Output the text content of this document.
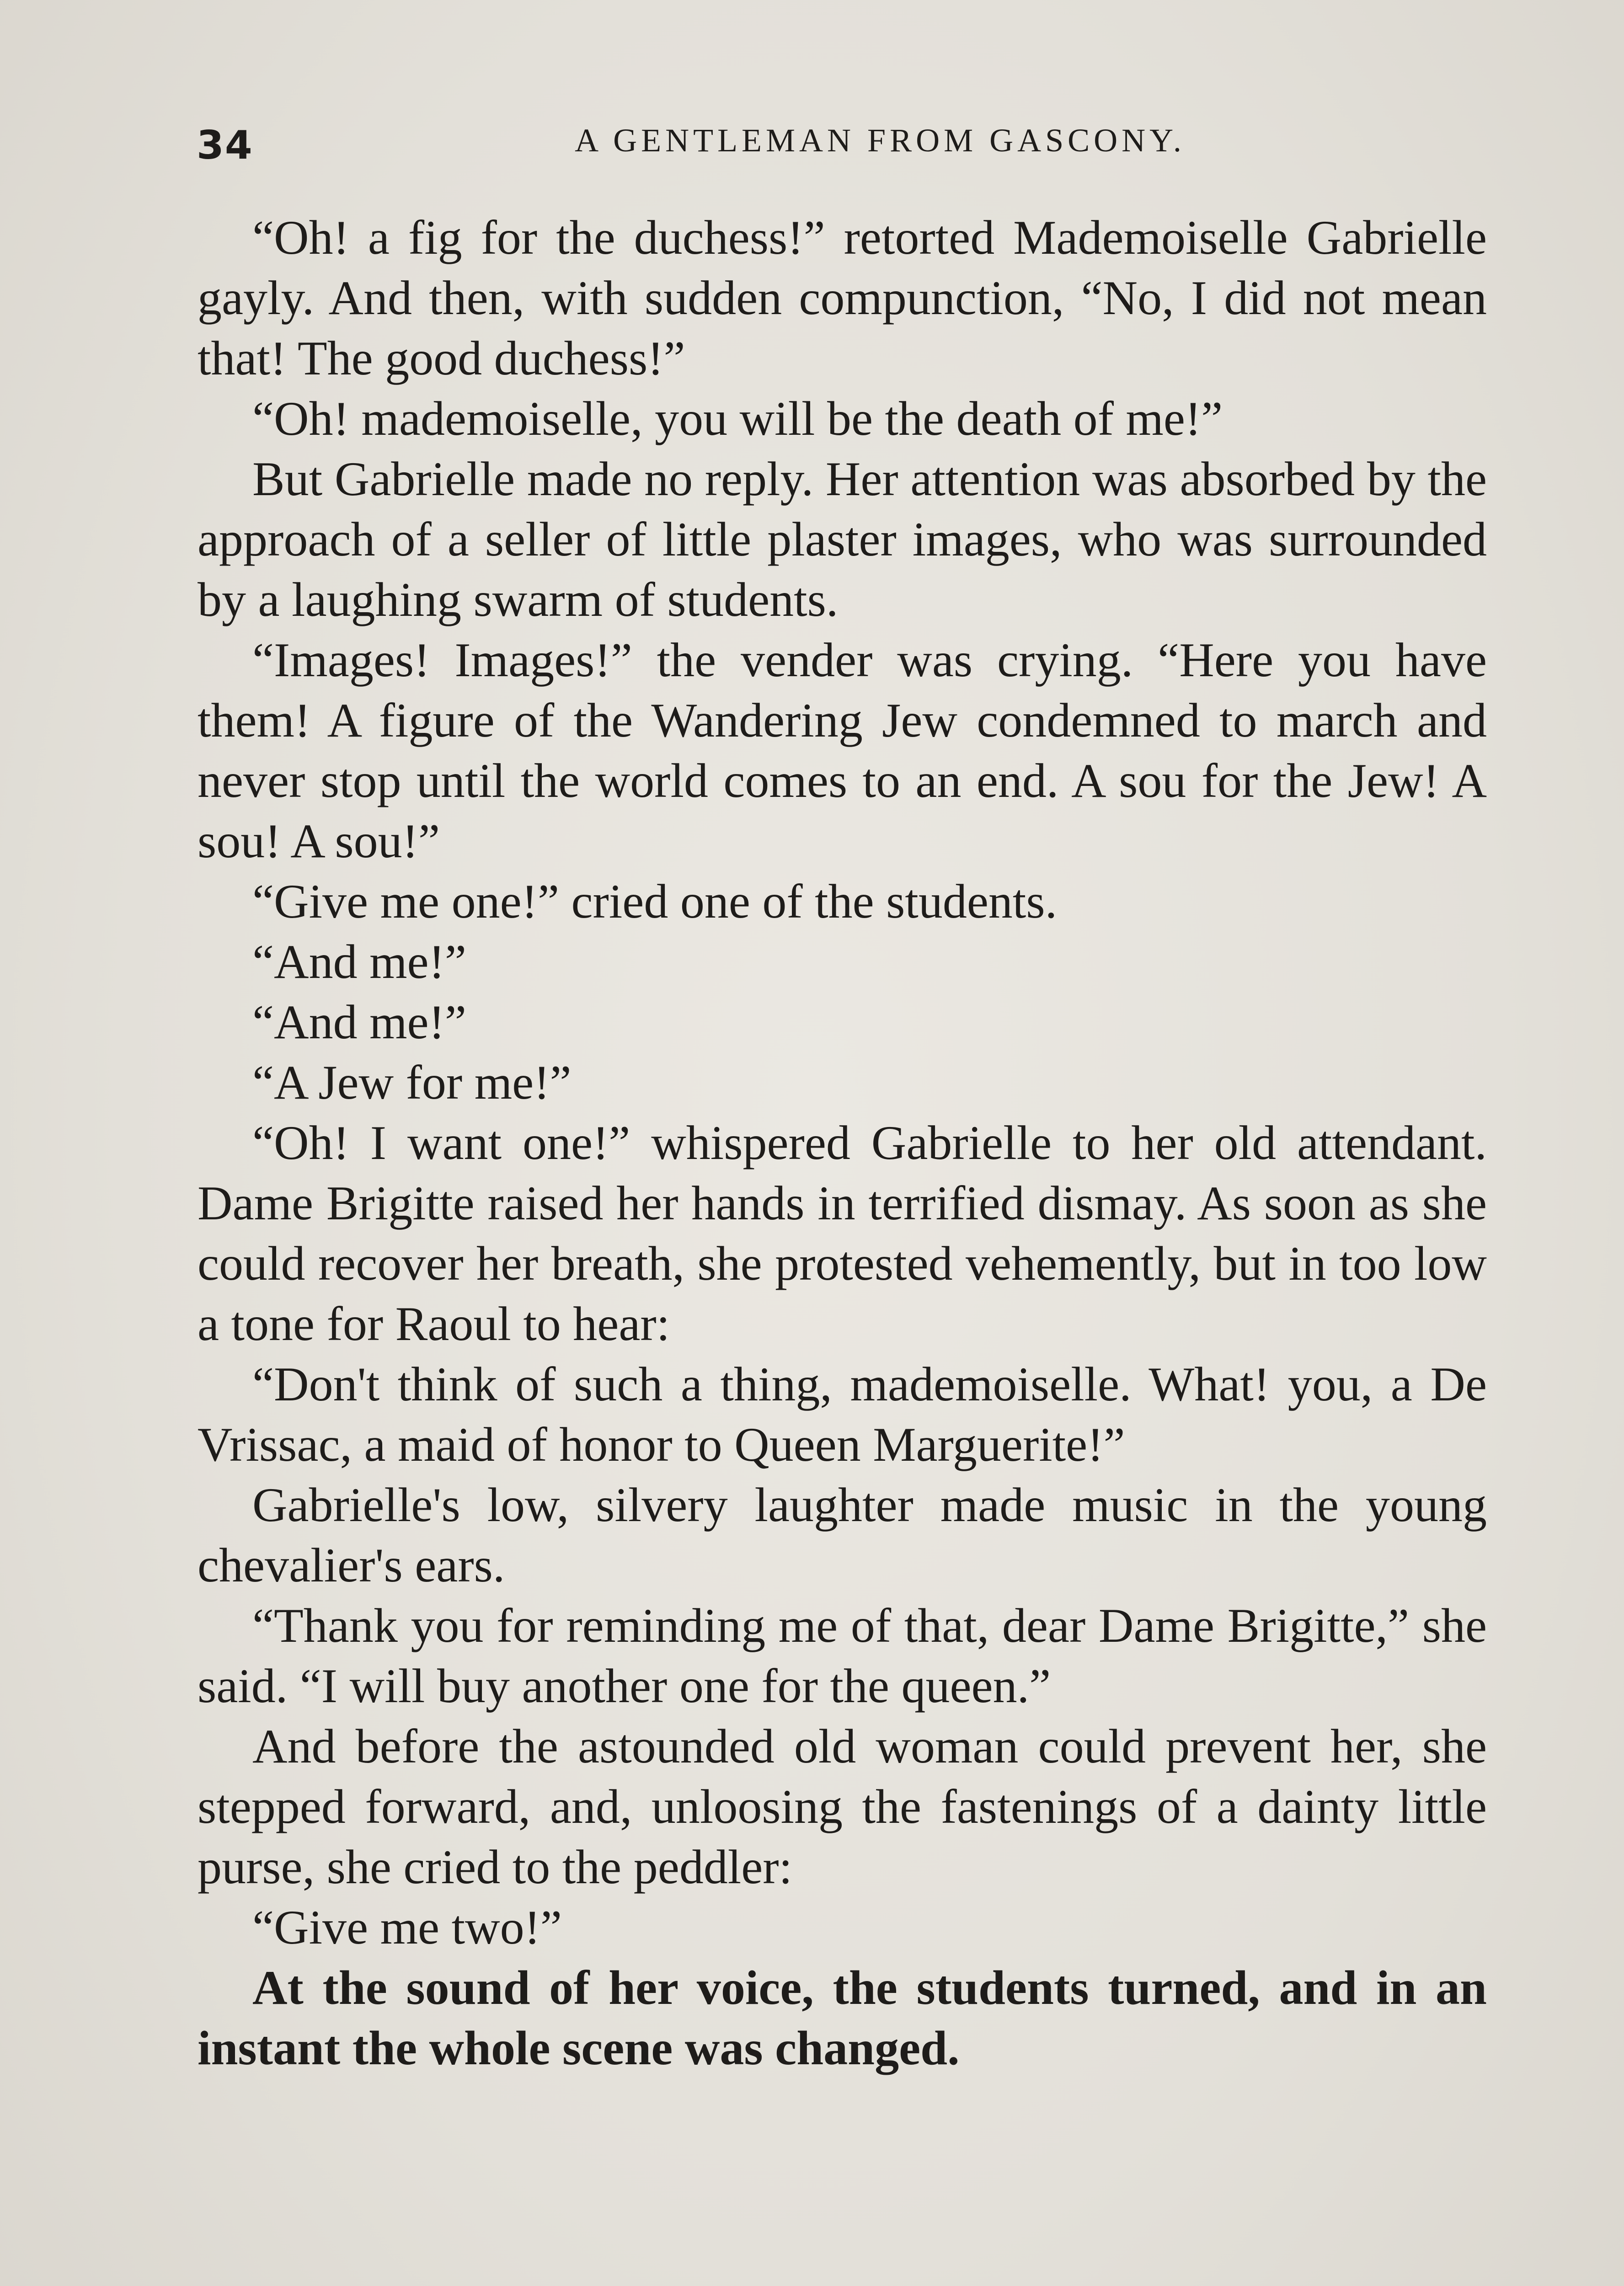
34	A GENTLEMAN FROM GASCONY.

“Oh! a fig for the duchess!” retorted Mademoiselle Gabrielle gayly. And then, with sudden compunction, “No, I did not mean that! The good duchess!”

“Oh! mademoiselle, you will be the death of me!”

But Gabrielle made no reply. Her attention was absorbed by the approach of a seller of little plaster images, who was surrounded by a laughing swarm of students.

“Images! Images!” the vender was crying. “Here you have them! A figure of the Wandering Jew condemned to march and never stop until the world comes to an end. A sou for the Jew! A sou! A sou!”

“Give me one!” cried one of the students.

“And me!”

“And me!”

“A Jew for me!”

“Oh! I want one!” whispered Gabrielle to her old attendant. Dame Brigitte raised her hands in terrified dismay. As soon as she could recover her breath, she protested vehemently, but in too low a tone for Raoul to hear:

“Don't think of such a thing, mademoiselle. What! you, a De Vrissac, a maid of honor to Queen Marguerite!”

Gabrielle's low, silvery laughter made music in the young chevalier's ears.

“Thank you for reminding me of that, dear Dame Brigitte,” she said. “I will buy another one for the queen.”

And before the astounded old woman could prevent her, she stepped forward, and, unloosing the fastenings of a dainty little purse, she cried to the peddler:

“Give me two!”

At the sound of her voice, the students turned, and in an instant the whole scene was changed.
